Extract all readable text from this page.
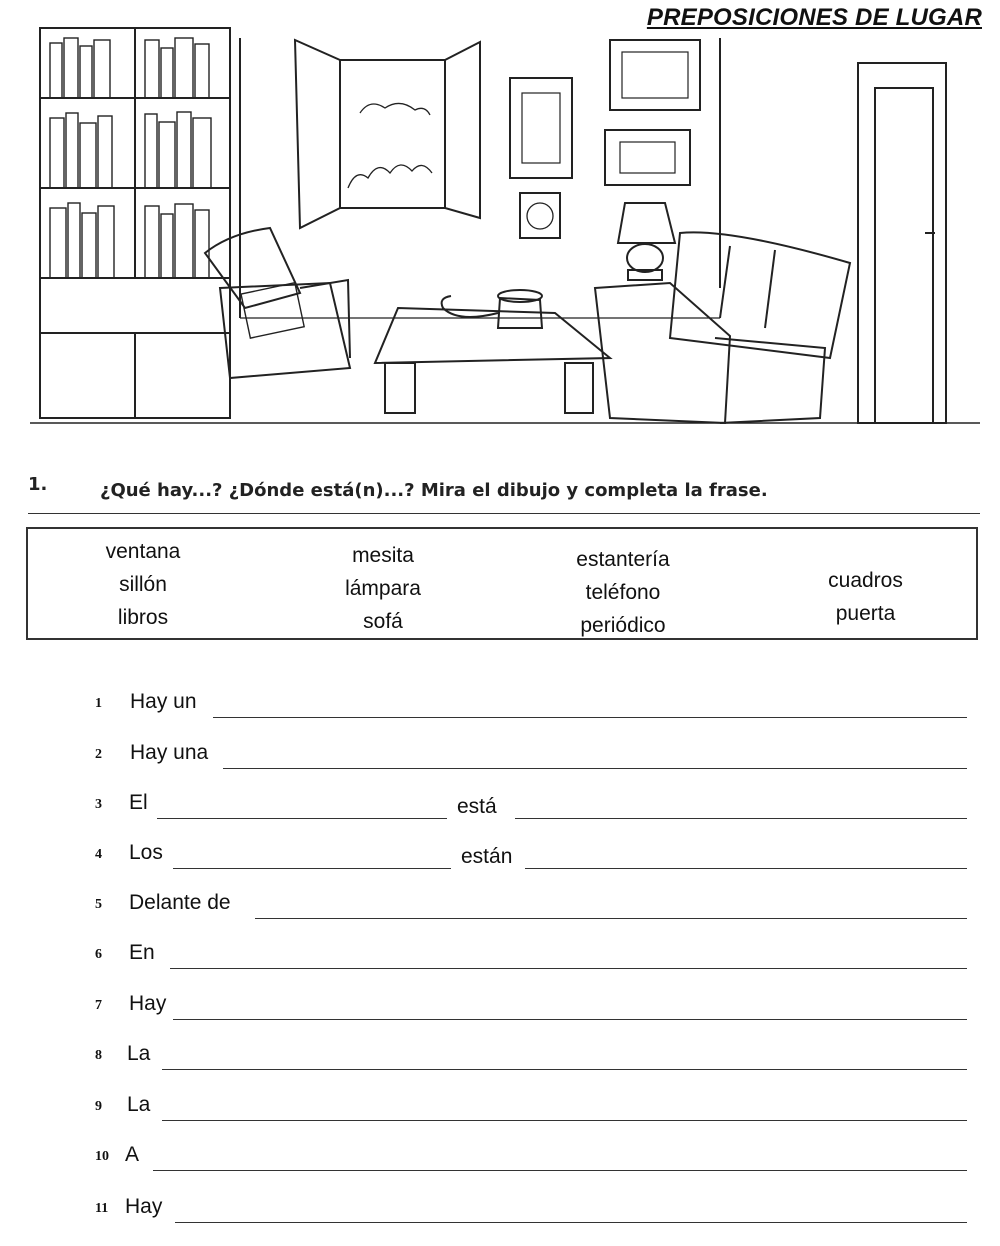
PREPOSICIONES DE LUGAR
1.	¿Qué hay...? ¿Dónde está(n)...? Mira el dibujo y completa la frase.
ventana
sillón
libros
mesita
lámpara
sofá
estantería
teléfono
periódico
cuadros
puerta
1 Hay un
2 Hay una
3 El	está
4 Los	están
5 Delante de
6 En
7 Hay
8 La
9 La
10 A
11 Hay
